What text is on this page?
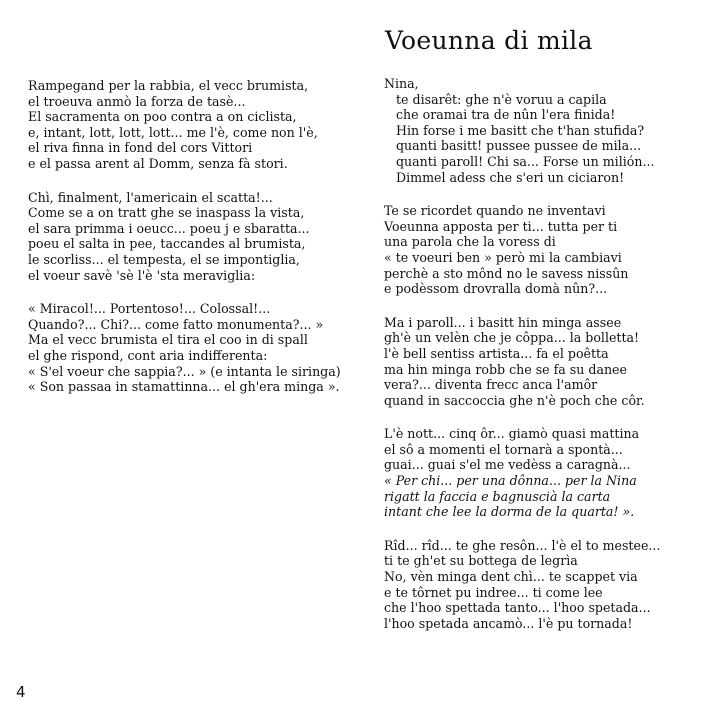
Voeunna di mila
Rampegand per la rabbia, el vecc brumista,
el troeuva anmò la forza de tasè...
El sacramenta on poo contra a on ciclista,
e, intant, lott, lott, lott... me l'è, come non l'è,
el riva finna in fond del cors Vittori
e el passa arent al Domm, senza fà stori.
Chì, finalment, l'americain el scatta!...
Come se a on tratt ghe se inaspass la vista,
el sara primma i oeucc... poeu j e sbaratta...
poeu el salta in pee, taccandes al brumista,
le scorliss... el tempesta, el se impontiglia,
el voeur savè 'sè l'è 'sta meraviglia:
« Miracol!... Portentoso!... Colossal!...
Quando?... Chi?... come fatto monumenta?... »
Ma el vecc brumista el tira el coo in di spall
el ghe rispond, cont aria indifferenta:
« S'el voeur che sappia?... » (e intanta le siringa)
« Son passaa in stamattinna... el gh'era minga ».
Nina,
te disarêt: ghe n'è voruu a capila
che oramai tra de nûn l'era finida!
Hin forse i me basitt che t'han stufida?
quanti basitt! pussee pussee de mila...
quanti paroll! Chi sa... Forse un milión...
Dimmel adess che s'eri un ciciaron!
Te se ricordet quando ne inventavi
Voeunna apposta per ti... tutta per ti
una parola che la voress di
« te voeuri ben » però mi la cambiavi
perchè a sto mônd no le savess nissûn
e podèssom drovralla domà nûn?...
Ma i paroll... i basitt hin minga assee
gh'è un velèn che je côppa... la bolletta!
l'è bell sentiss artista... fa el poêtta
ma hin minga robb che se fa su danee
vera?... diventa frecc anca l'amôr
quand in saccoccia ghe n'è poch che côr.
L'è nott... cinq ôr... giamò quasi mattina
el sô a momenti el tornarà a spontà...
guai... guai s'el me vedèss a caragnà...
« Per chi... per una dônna... per la Nina
rigatt la faccia e bagnuscià la carta
intant che lee la dorma de la quarta! ».
Rîd... rîd... te ghe resôn... l'è el to mestee...
ti te gh'et su bottega de legrìa
No, vèn minga dent chì... te scappet via
e te tôrnet pu indree... ti come lee
che l'hoo spettada tanto... l'hoo spetada...
l'hoo spetada ancamò... l'è pu tornada!
4
